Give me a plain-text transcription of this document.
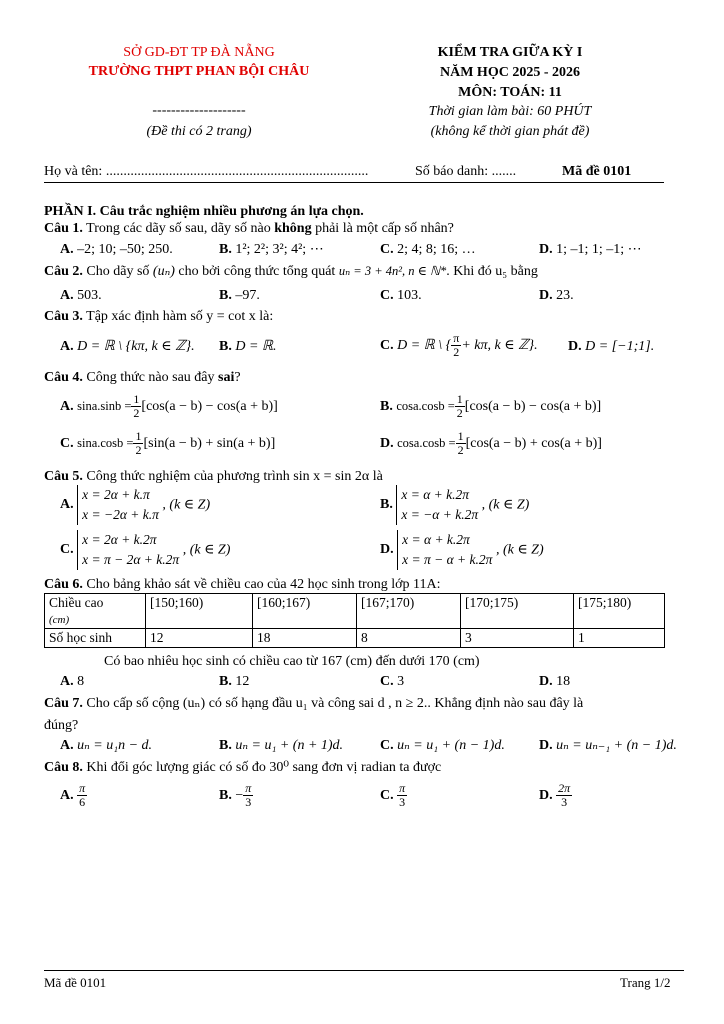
SỞ GD-ĐT TP ĐÀ NẴNG
TRƯỜNG THPT PHAN BỘI CHÂU
--------------------
(Đề thi có 2 trang)
KIỂM TRA GIỮA KỲ I
NĂM HỌC 2025 - 2026
MÔN: TOÁN: 11
Thời gian làm bài: 60 PHÚT
(không kể thời gian phát đề)
Họ và tên: ...........................................................................	Số báo danh: .......	Mã đề 0101
PHẦN I. Câu trắc nghiệm nhiều phương án lựa chọn.
Câu 1. Trong các dãy số sau, dãy số nào không phải là một cấp số nhân?
A. –2; 10; –50; 250.	B. 1²; 2²; 3²; 4²; ⋯	C. 2; 4; 8; 16; …	D. 1; –1; 1; –1; ⋯
Câu 2. Cho dãy số (uₙ) cho bởi công thức tổng quát uₙ = 3 + 4n², n ∈ ℕ*. Khi đó u₅ bằng
A. 503.	B. –97.	C. 103.	D. 23.
Câu 3. Tập xác định hàm số y = cot x là:
A. D = ℝ \ {kπ, k ∈ ℤ}. B. D = ℝ.	C. D = ℝ \ { $\frac{\pi}{2} + k\pi$, k ∈ ℤ}. D. D = [−1;1].
Câu 4. Công thức nào sau đây sai?
A. $\sin a.\sin b = \frac{1}{2} [\cos(a - b) - \cos(a + b)]$	B. $\cos a.\cos b = \frac{1}{2} [\cos(a - b) - \cos(a + b)]$
C. $\sin a.\cos b = \frac{1}{2} [\sin(a - b) + \sin(a + b)]$	D. $\cos a.\cos b = \frac{1}{2} [\cos(a - b) + \cos(a + b)]$
Câu 5. Công thức nghiệm của phương trình sin x = sin 2α là
A.
x = 2α + k.π
x = −2α + k.π
, (k ∈ Z)	B.
x = α + k.2π
x = −α + k.2π
, (k ∈ Z)
C.
x = 2α + k.2π
x = π − 2α + k.2π
, (k ∈ Z)	D.
x = α + k.2π
x = π − α + k.2π
, (k ∈ Z)
Câu 6. Cho bảng khảo sát về chiều cao của 42 học sinh trong lớp 11A:
Chiều cao
(cm)	[150;160)	[160;167)	[167;170)	[170;175)	[175;180)
Số học sinh	12	18	8	3	1
Có bao nhiêu học sinh có chiều cao từ 167 (cm) đến dưới 170 (cm)
A. 8	B. 12	C. 3	D. 18
Câu 7. Cho cấp số cộng (uₙ) có số hạng đầu u₁ và công sai d , n ≥ 2.. Khẳng định nào sau đây là
đúng?
A. uₙ = u₁n − d.	B. uₙ = u₁ + (n + 1)d.	C. uₙ = u₁ + (n − 1)d. D. uₙ = uₙ₋₁ + (n − 1)d.
Câu 8. Khi đổi góc lượng giác có số đo 30⁰ sang đơn vị radian ta được
A. $\frac{\pi}{6}$	B. − $\frac{\pi}{3}$	C. $\frac{\pi}{3}$	D. $\frac{2\pi}{3}$
Mã đề 0101	Trang 1/2
